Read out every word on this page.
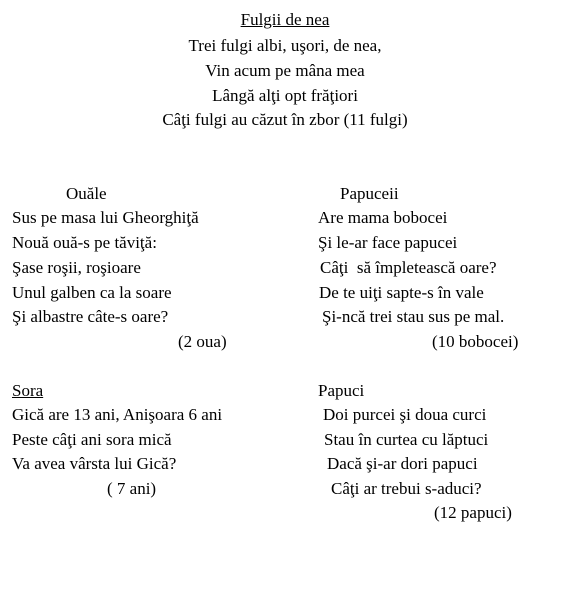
Fulgii de nea
Trei fulgi albi, uşori, de nea,
Vin acum pe mâna mea
Lângă alţi opt frăţiori
Câţi fulgi au căzut în zbor (11 fulgi)
Ouăle
Sus pe masa lui Gheorghiţă
Nouă ouă-s pe tăviţă:
Şase roşii, roşioare
Unul galben ca la soare
Şi albastre câte-s oare?
(2 oua)
Papuceii
Are mama bobocei
Şi le-ar face papucei
Câţi  să împletească oare?
De te uiţi sapte-s în vale
Şi-ncă trei stau sus pe mal.
(10 bobocei)
Sora
Gică are 13 ani, Anişoara 6 ani
Peste câţi ani sora mică
Va avea vârsta lui Gică?
( 7 ani)
Papuci
Doi purcei şi doua curci
Stau în curtea cu lăptuci
Dacă şi-ar dori papuci
Câţi ar trebui s-aduci?
(12 papuci)
